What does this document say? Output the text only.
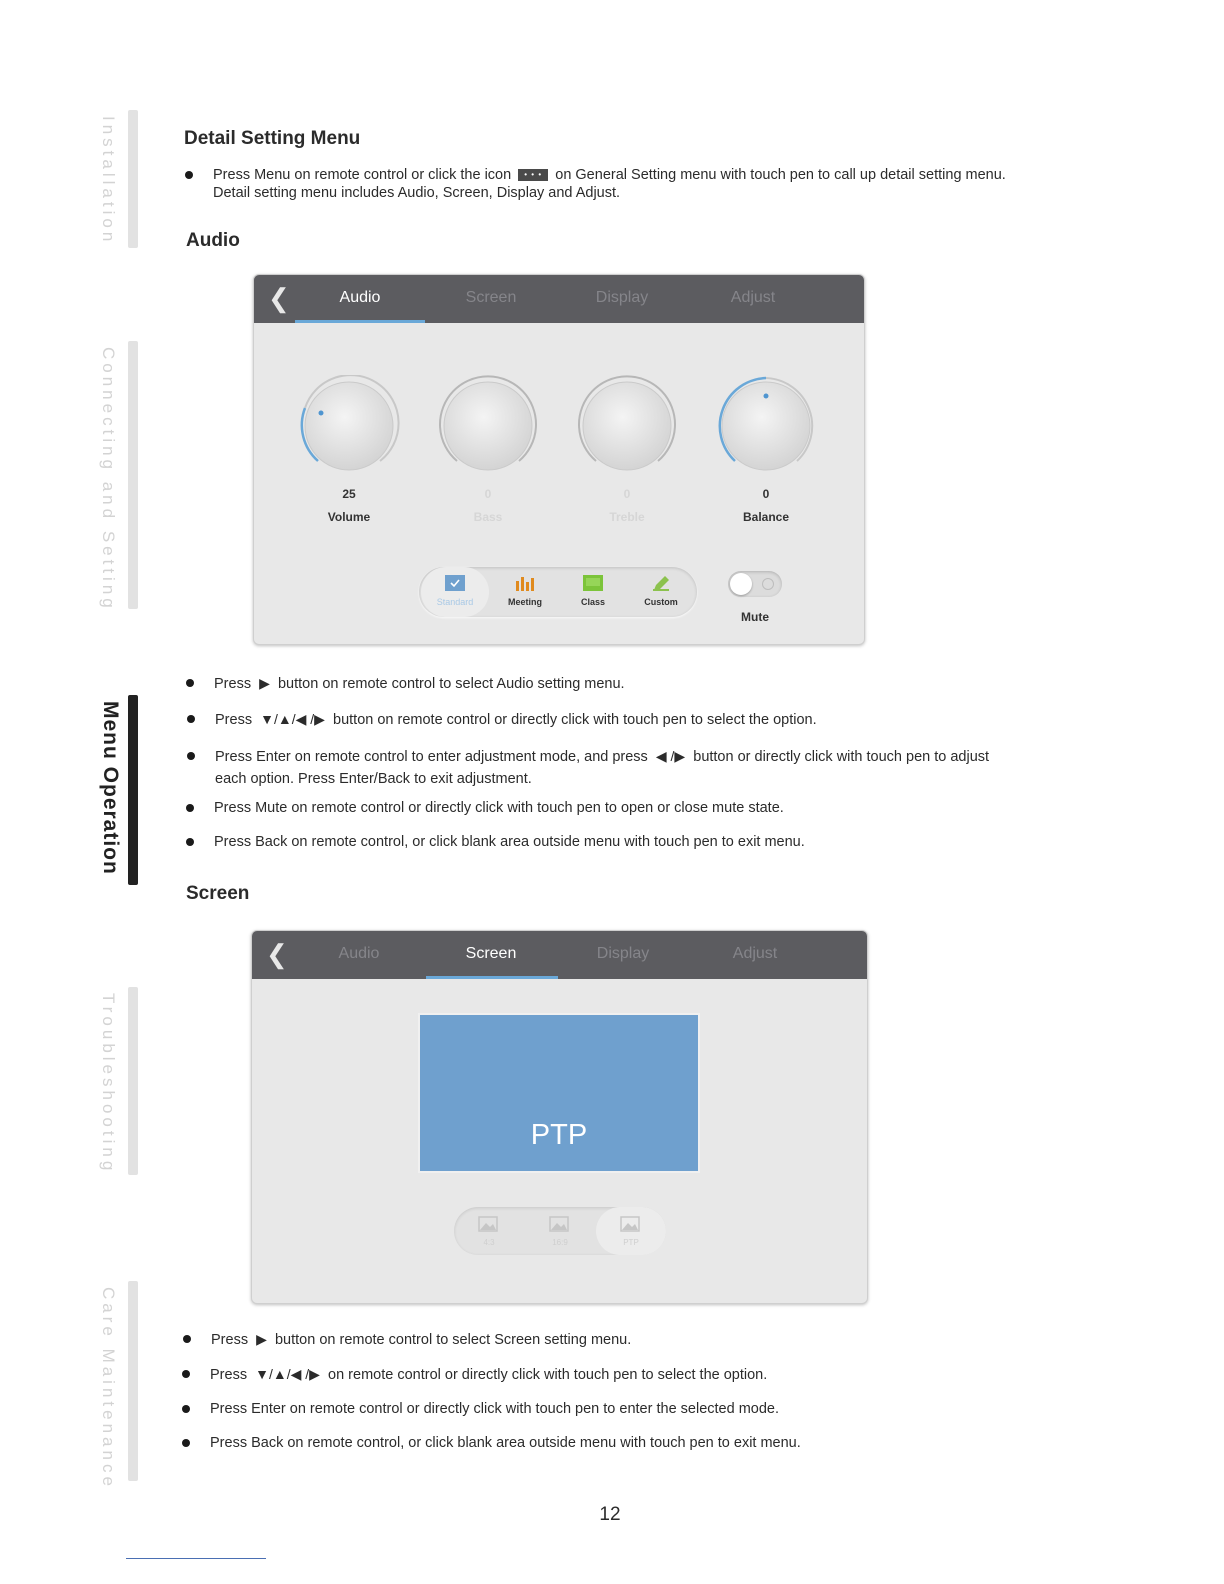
Installation
Connecting and Setting
Menu Operation
Troubleshooting
Care Maintenance
Detail Setting Menu
Press Menu on remote control or click the icon • • • on General Setting menu with touch pen to call up detail setting menu.
Detail setting menu includes Audio, Screen, Display and Adjust.
Audio
❮	Audio	Screen	Display	Adjust
25	0	0	0
Volume	Bass	Treble	Balance
Standard	Meeting	Class	Custom
Mute
Press ▶ button on remote control to select Audio setting menu.
Press ▼/▲/◀ /▶ button on remote control or directly click with touch pen to select the option.
Press Enter on remote control to enter adjustment mode, and press ◀ /▶ button or directly click with touch pen to adjust
each option. Press Enter/Back to exit adjustment.
Press Mute on remote control or directly click with touch pen to open or close mute state.
Press Back on remote control, or click blank area outside menu with touch pen to exit menu.
Screen
❮	Audio	Screen	Display	Adjust
PTP
4:3	16:9	PTP
Press ▶ button on remote control to select Screen setting menu.
Press ▼/▲/◀ /▶ on remote control or directly click with touch pen to select the option.
Press Enter on remote control or directly click with touch pen to enter the selected mode.
Press Back on remote control, or click blank area outside menu with touch pen to exit menu.
12
